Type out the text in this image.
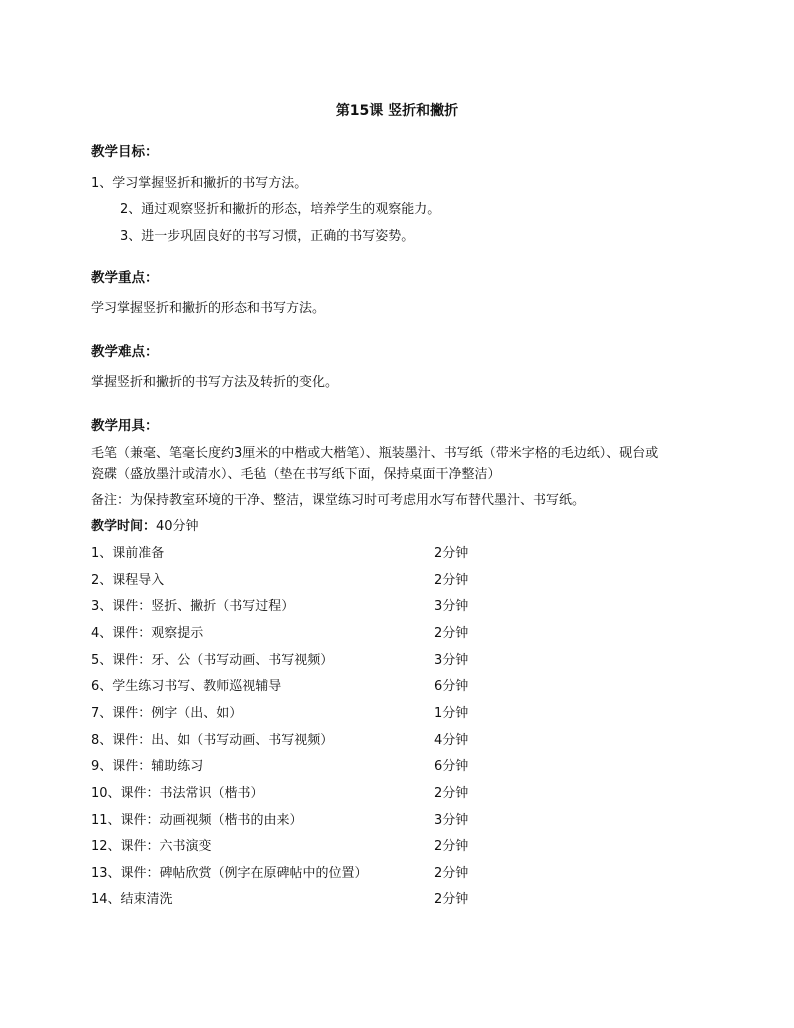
第15课 竖折和撇折
教学目标：
1、学习掌握竖折和撇折的书写方法。
2、通过观察竖折和撇折的形态，培养学生的观察能力。
3、进一步巩固良好的书写习惯，正确的书写姿势。
教学重点：
学习掌握竖折和撇折的形态和书写方法。
教学难点：
掌握竖折和撇折的书写方法及转折的变化。
教学用具：
毛笔（兼毫、笔毫长度约3厘米的中楷或大楷笔）、瓶装墨汁、书写纸（带米字格的毛边纸）、砚台或
瓷碟（盛放墨汁或清水）、毛毡（垫在书写纸下面，保持桌面干净整洁）
备注：为保持教室环境的干净、整洁，课堂练习时可考虑用水写布替代墨汁、书写纸。
教学时间：40分钟
1、课前准备	2分钟
2、课程导入	2分钟
3、课件：竖折、撇折（书写过程）	3分钟
4、课件：观察提示	2分钟
5、课件：牙、公（书写动画、书写视频）	3分钟
6、学生练习书写、教师巡视辅导	6分钟
7、课件：例字（出、如）	1分钟
8、课件：出、如（书写动画、书写视频）	4分钟
9、课件：辅助练习	6分钟
10、课件：书法常识（楷书）	2分钟
11、课件：动画视频（楷书的由来）	3分钟
12、课件：六书演变	2分钟
13、课件：碑帖欣赏（例字在原碑帖中的位置）	2分钟
14、结束清洗	2分钟
